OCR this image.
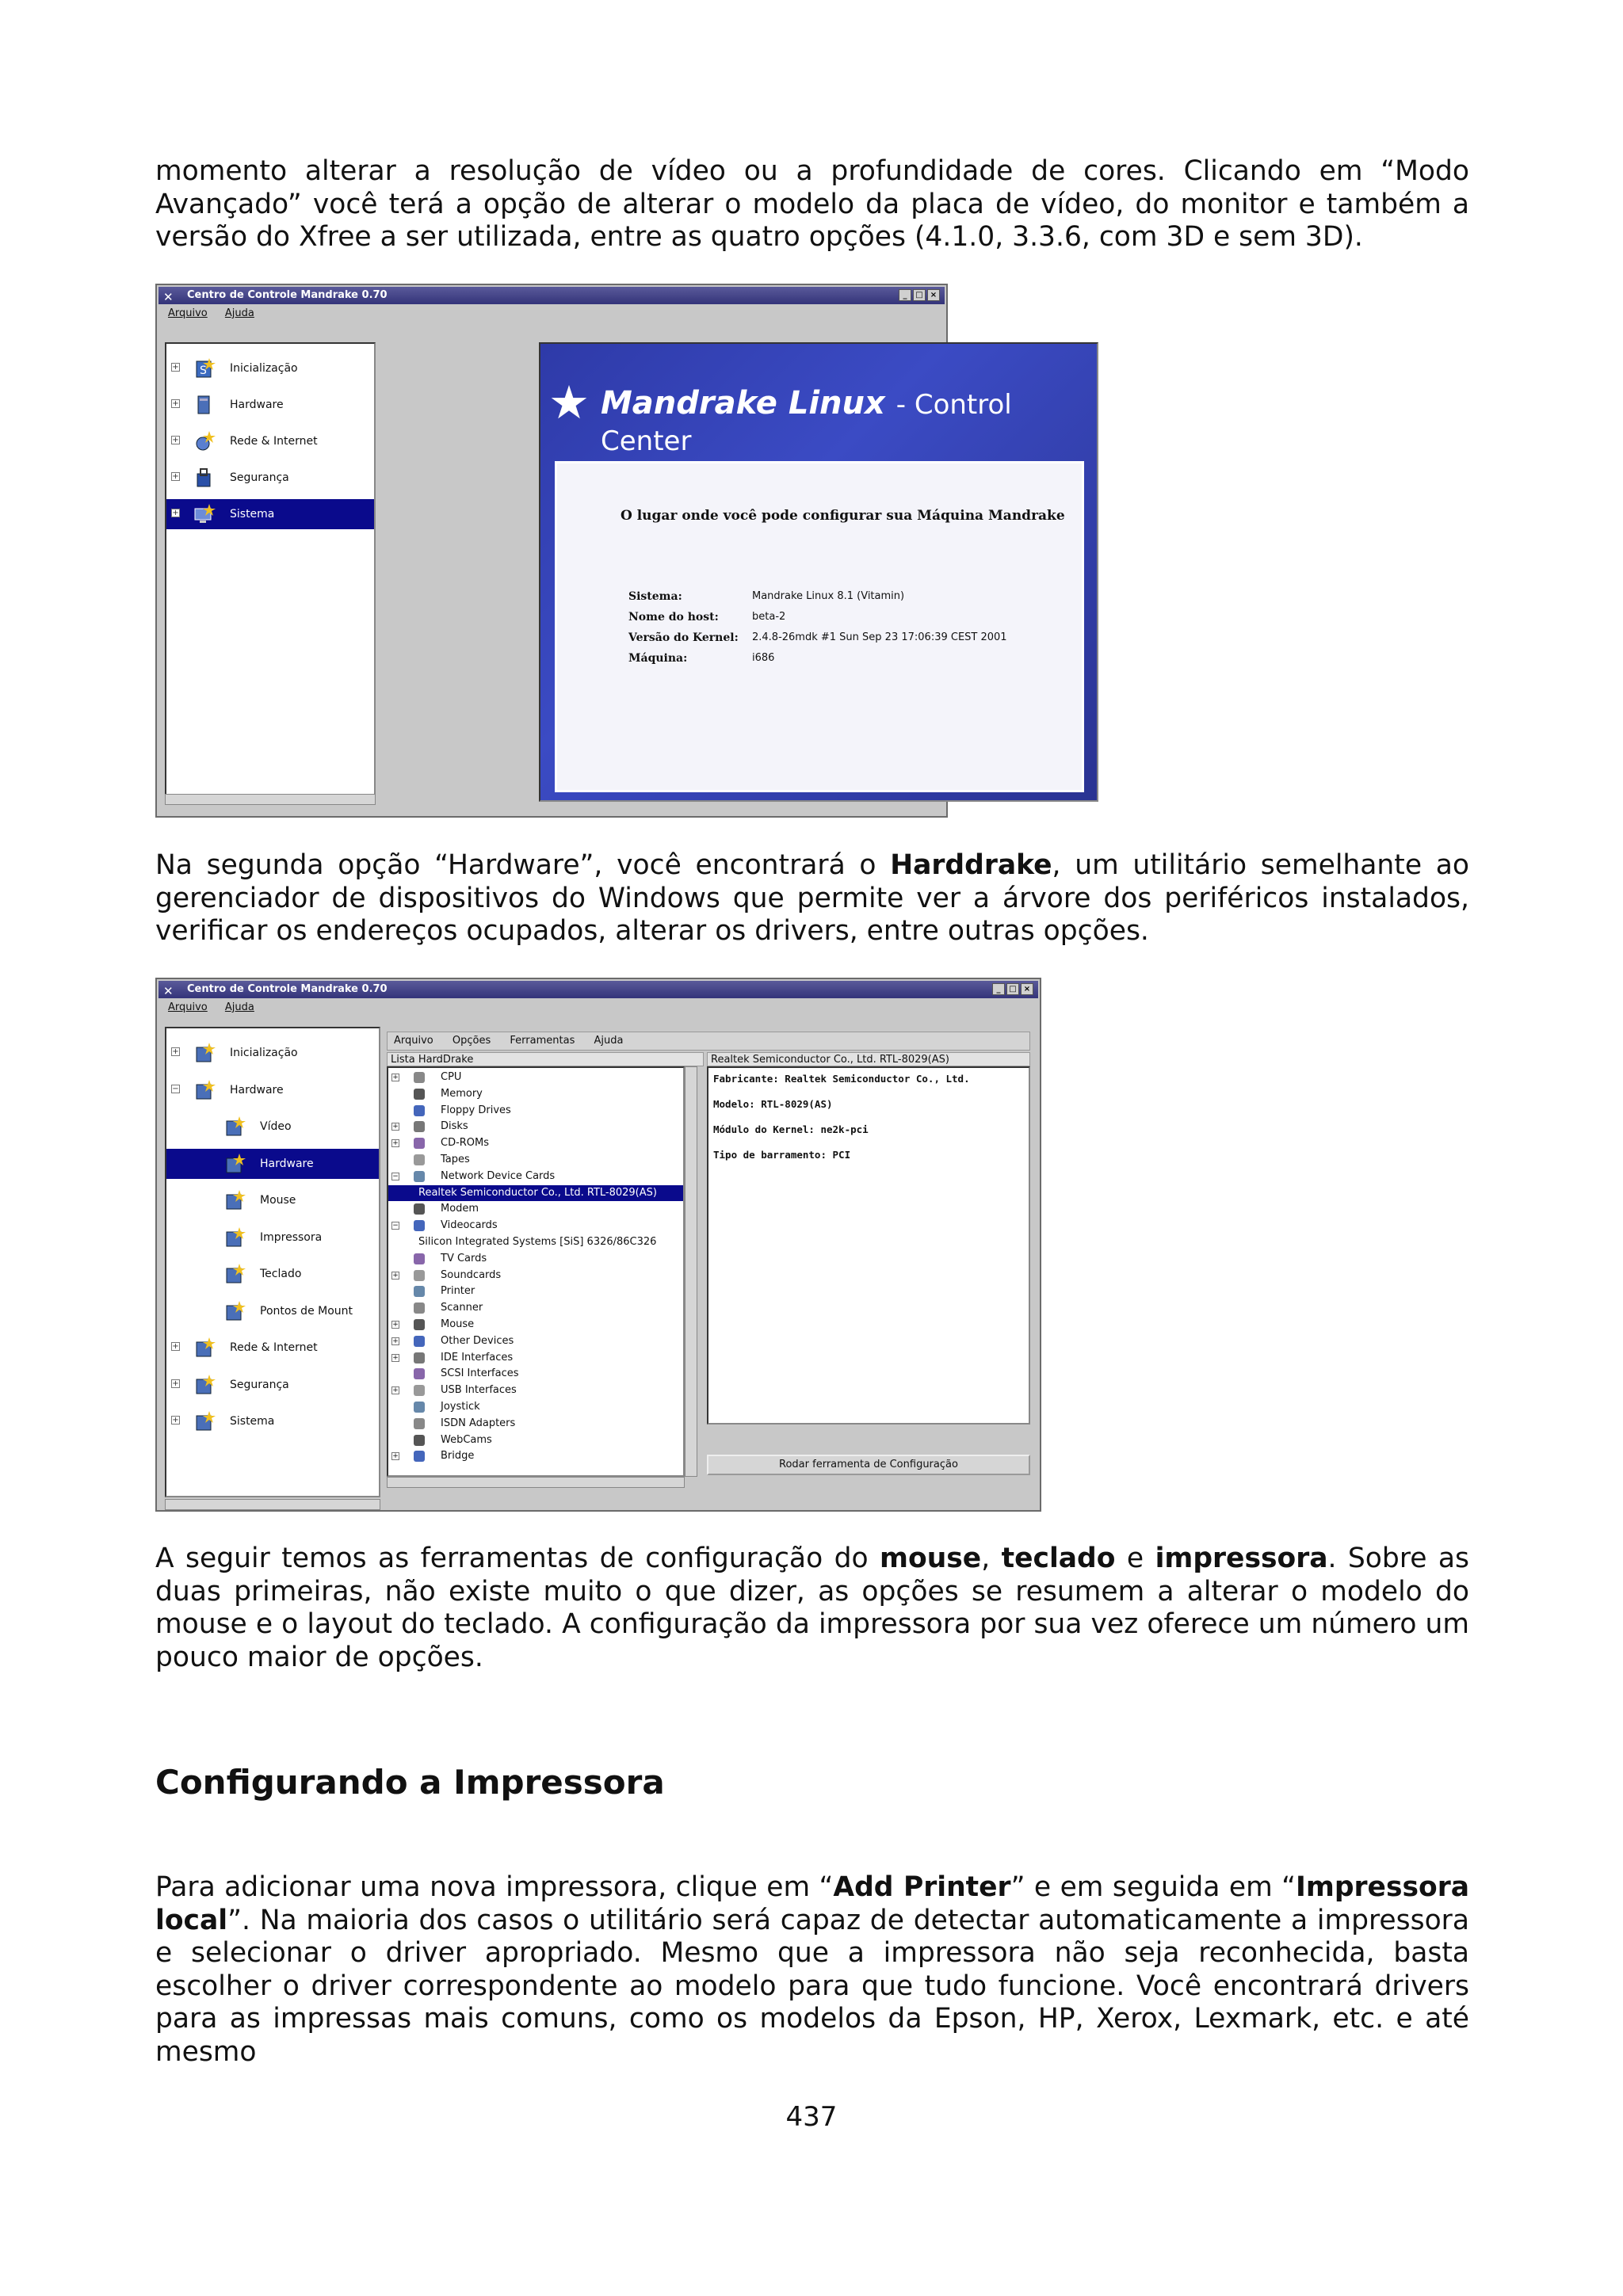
momento alterar a resolução de vídeo ou a profundidade de cores. Clicando em “Modo

Avançado” você terá a opção de alterar o modelo da placa de vídeo, do monitor e também a

versão do Xfree a ser utilizada, entre as quatro opções (4.1.0, 3.3.6, com 3D e sem 3D).

✕ Centro de Controle Mandrake 0.70	_	□ ×
Arquivo Ajuda
+ S Inicialização
+	Hardware
+	Rede & Internet
+	Segurança
+	Sistema
★ Mandrake Linux - Control Center
O lugar onde você pode configurar sua Máquina Mandrake
Sistema:	Mandrake Linux 8.1 (Vitamin)
Nome do host:	beta-2
Versão do Kernel:	2.4.8-26mdk #1 Sun Sep 23 17:06:39 CEST 2001
Máquina:	i686

Na segunda opção “Hardware”, você encontrará o Harddrake, um utilitário semelhante ao gerenciador de dispositivos do Windows que permite ver a árvore dos periféricos instalados, verificar os endereços ocupados, alterar os drivers, entre outras opções.

✕ Centro de Controle Mandrake 0.70	_	□ ×
Arquivo Ajuda
+	Inicialização
−	Hardware
Vídeo
Hardware
Mouse
Impressora
Teclado
Pontos de Mount
+	Rede & Internet
+	Segurança
+	Sistema
Arquivo Opções Ferramentas Ajuda
Lista HardDrake	Realtek Semiconductor Co., Ltd. RTL-8029(AS)
+	CPU
Memory
Floppy Drives
+	Disks
+	CD-ROMs
Tapes
−	Network Device Cards
Realtek Semiconductor Co., Ltd. RTL-8029(AS)
Modem
−	Videocards
Silicon Integrated Systems [SiS] 6326/86C326
TV Cards
+	Soundcards
Printer
Scanner
+	Mouse
+	Other Devices
+	IDE Interfaces
SCSI Interfaces
+	USB Interfaces
Joystick
ISDN Adapters
WebCams
+	Bridge
Fabricante: Realtek Semiconductor Co., Ltd.
Modelo: RTL-8029(AS)
Módulo do Kernel: ne2k-pci
Tipo de barramento: PCI
Rodar ferramenta de Configuração

A seguir temos as ferramentas de configuração do mouse, teclado e impressora. Sobre as duas primeiras, não existe muito o que dizer, as opções se resumem a alterar o modelo do mouse e o layout do teclado. A configuração da impressora por sua vez oferece um número um pouco maior de opções.

Configurando a Impressora

Para adicionar uma nova impressora, clique em “Add Printer” e em seguida em “Impressora local”. Na maioria dos casos o utilitário será capaz de detectar automaticamente a impressora e selecionar o driver apropriado. Mesmo que a impressora não seja reconhecida, basta escolher o driver correspondente ao modelo para que tudo funcione. Você encontrará drivers para as impressas mais comuns, como os modelos da Epson, HP, Xerox, Lexmark, etc. e até mesmo

437
